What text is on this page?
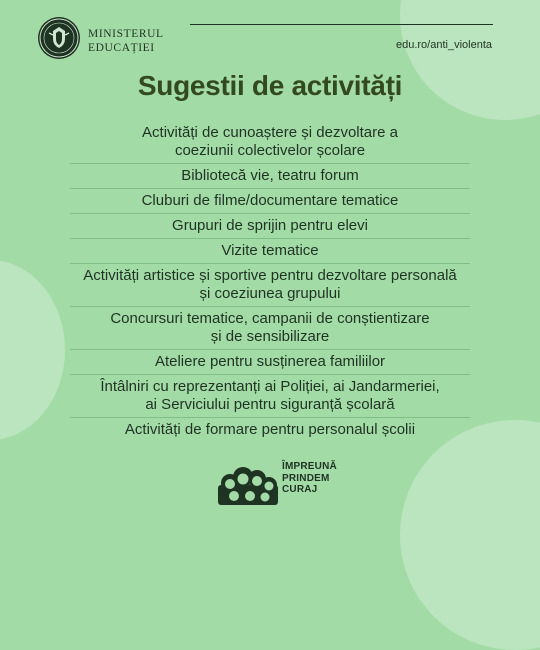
MINISTERUL
EDUCAȚIEI	edu.ro/anti_violenta
Sugestii de activități
Activități de cunoaștere și dezvoltare a
coeziunii colectivelor școlare
Bibliotecă vie, teatru forum
Cluburi de filme/documentare tematice
Grupuri de sprijin pentru elevi
Vizite tematice
Activități artistice și sportive pentru dezvoltare personală
și coeziunea grupului
Concursuri tematice, campanii de conștientizare
și de sensibilizare
Ateliere pentru susținerea familiilor
Întâlniri cu reprezentanți ai Poliției, ai Jandarmeriei,
ai Serviciului pentru siguranță școlară
Activități de formare pentru personalul școlii
ÎMPREUNĂ
PRINDEM
CURAJ
